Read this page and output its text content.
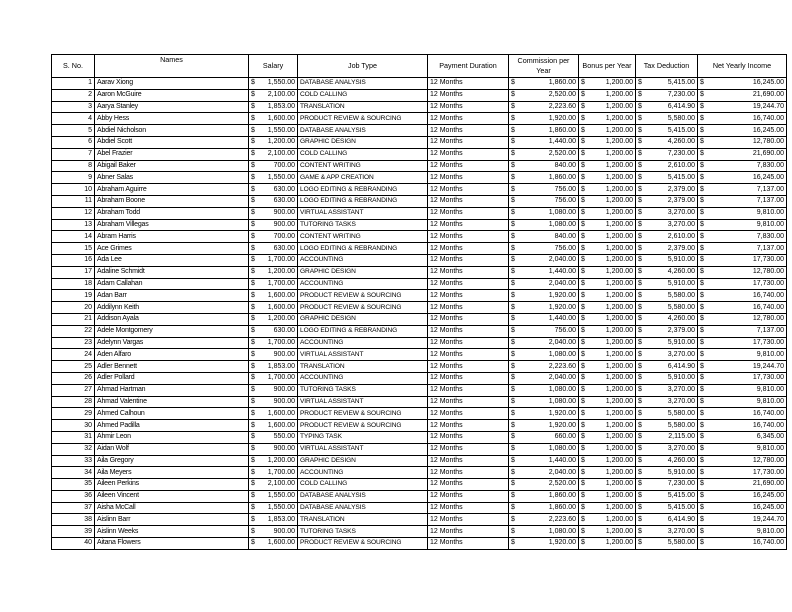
S. No.	Names	Salary	Job Type	Payment Duration	Commission per Year	Bonus per Year	Tax Deduction	Net Yearly Income
1	Aarav Xiong	$ 1,550.00	DATABASE ANALYSIS	12 Months	$ 1,860.00	$ 1,200.00	$ 5,415.00	$ 16,245.00

2	Aaron McGuire	$ 2,100.00	COLD CALLING	12 Months	$ 2,520.00	$ 1,200.00	$ 7,230.00	$ 21,690.00

3	Aarya Stanley	$ 1,853.00	TRANSLATION	12 Months	$ 2,223.60	$ 1,200.00	$ 6,414.90	$ 19,244.70

4	Abby Hess	$ 1,600.00	PRODUCT REVIEW & SOURCING	12 Months	$ 1,920.00	$ 1,200.00	$ 5,580.00	$ 16,740.00

5	Abdiel Nicholson	$ 1,550.00	DATABASE ANALYSIS	12 Months	$ 1,860.00	$ 1,200.00	$ 5,415.00	$ 16,245.00

6	Abdiel Scott	$ 1,200.00	GRAPHIC DESIGN	12 Months	$ 1,440.00	$ 1,200.00	$ 4,260.00	$ 12,780.00

7	Abel Frazier	$ 2,100.00	COLD CALLING	12 Months	$ 2,520.00	$ 1,200.00	$ 7,230.00	$ 21,690.00

8	Abigail Baker	$ 700.00	CONTENT WRITING	12 Months	$ 840.00	$ 1,200.00	$ 2,610.00	$ 7,830.00

9	Abner Salas	$ 1,550.00	GAME & APP CREATION	12 Months	$ 1,860.00	$ 1,200.00	$ 5,415.00	$ 16,245.00

10	Abraham Aguirre	$ 630.00	LOGO EDITING & REBRANDING	12 Months	$ 756.00	$ 1,200.00	$ 2,379.00	$ 7,137.00

11	Abraham Boone	$ 630.00	LOGO EDITING & REBRANDING	12 Months	$ 756.00	$ 1,200.00	$ 2,379.00	$ 7,137.00

12	Abraham Todd	$ 900.00	VIRTUAL ASSISTANT	12 Months	$ 1,080.00	$ 1,200.00	$ 3,270.00	$ 9,810.00

13	Abraham Villegas	$ 900.00	TUTORING TASKS	12 Months	$ 1,080.00	$ 1,200.00	$ 3,270.00	$ 9,810.00

14	Abram Harris	$ 700.00	CONTENT WRITING	12 Months	$ 840.00	$ 1,200.00	$ 2,610.00	$ 7,830.00

15	Ace Grimes	$ 630.00	LOGO EDITING & REBRANDING	12 Months	$ 756.00	$ 1,200.00	$ 2,379.00	$ 7,137.00

16	Ada Lee	$ 1,700.00	ACCOUNTING	12 Months	$ 2,040.00	$ 1,200.00	$ 5,910.00	$ 17,730.00

17	Adaline Schmidt	$ 1,200.00	GRAPHIC DESIGN	12 Months	$ 1,440.00	$ 1,200.00	$ 4,260.00	$ 12,780.00

18	Adam Callahan	$ 1,700.00	ACCOUNTING	12 Months	$ 2,040.00	$ 1,200.00	$ 5,910.00	$ 17,730.00

19	Adan Barr	$ 1,600.00	PRODUCT REVIEW & SOURCING	12 Months	$ 1,920.00	$ 1,200.00	$ 5,580.00	$ 16,740.00

20	Addilynn Keith	$ 1,600.00	PRODUCT REVIEW & SOURCING	12 Months	$ 1,920.00	$ 1,200.00	$ 5,580.00	$ 16,740.00

21	Addison Ayala	$ 1,200.00	GRAPHIC DESIGN	12 Months	$ 1,440.00	$ 1,200.00	$ 4,260.00	$ 12,780.00

22	Adele Montgomery	$ 630.00	LOGO EDITING & REBRANDING	12 Months	$ 756.00	$ 1,200.00	$ 2,379.00	$ 7,137.00

23	Adelynn Vargas	$ 1,700.00	ACCOUNTING	12 Months	$ 2,040.00	$ 1,200.00	$ 5,910.00	$ 17,730.00

24	Aden Alfaro	$ 900.00	VIRTUAL ASSISTANT	12 Months	$ 1,080.00	$ 1,200.00	$ 3,270.00	$ 9,810.00

25	Adler Bennett	$ 1,853.00	TRANSLATION	12 Months	$ 2,223.60	$ 1,200.00	$ 6,414.90	$ 19,244.70

26	Adler Pollard	$ 1,700.00	ACCOUNTING	12 Months	$ 2,040.00	$ 1,200.00	$ 5,910.00	$ 17,730.00

27	Ahmad Hartman	$ 900.00	TUTORING TASKS	12 Months	$ 1,080.00	$ 1,200.00	$ 3,270.00	$ 9,810.00

28	Ahmad Valentine	$ 900.00	VIRTUAL ASSISTANT	12 Months	$ 1,080.00	$ 1,200.00	$ 3,270.00	$ 9,810.00

29	Ahmed Calhoun	$ 1,600.00	PRODUCT REVIEW & SOURCING	12 Months	$ 1,920.00	$ 1,200.00	$ 5,580.00	$ 16,740.00

30	Ahmed Padilla	$ 1,600.00	PRODUCT REVIEW & SOURCING	12 Months	$ 1,920.00	$ 1,200.00	$ 5,580.00	$ 16,740.00

31	Ahmir Leon	$ 550.00	TYPING TASK	12 Months	$ 660.00	$ 1,200.00	$ 2,115.00	$ 6,345.00

32	Aidan Wolf	$ 900.00	VIRTUAL ASSISTANT	12 Months	$ 1,080.00	$ 1,200.00	$ 3,270.00	$ 9,810.00

33	Aila Gregory	$ 1,200.00	GRAPHIC DESIGN	12 Months	$ 1,440.00	$ 1,200.00	$ 4,260.00	$ 12,780.00

34	Aila Meyers	$ 1,700.00	ACCOUNTING	12 Months	$ 2,040.00	$ 1,200.00	$ 5,910.00	$ 17,730.00

35	Aileen Perkins	$ 2,100.00	COLD CALLING	12 Months	$ 2,520.00	$ 1,200.00	$ 7,230.00	$ 21,690.00

36	Aileen Vincent	$ 1,550.00	DATABASE ANALYSIS	12 Months	$ 1,860.00	$ 1,200.00	$ 5,415.00	$ 16,245.00

37	Aisha McCall	$ 1,550.00	DATABASE ANALYSIS	12 Months	$ 1,860.00	$ 1,200.00	$ 5,415.00	$ 16,245.00

38	Aislinn Barr	$ 1,853.00	TRANSLATION	12 Months	$ 2,223.60	$ 1,200.00	$ 6,414.90	$ 19,244.70

39	Aislinn Weeks	$ 900.00	TUTORING TASKS	12 Months	$ 1,080.00	$ 1,200.00	$ 3,270.00	$ 9,810.00

40	Aitana Flowers	$ 1,600.00	PRODUCT REVIEW & SOURCING	12 Months	$ 1,920.00	$ 1,200.00	$ 5,580.00	$ 16,740.00
